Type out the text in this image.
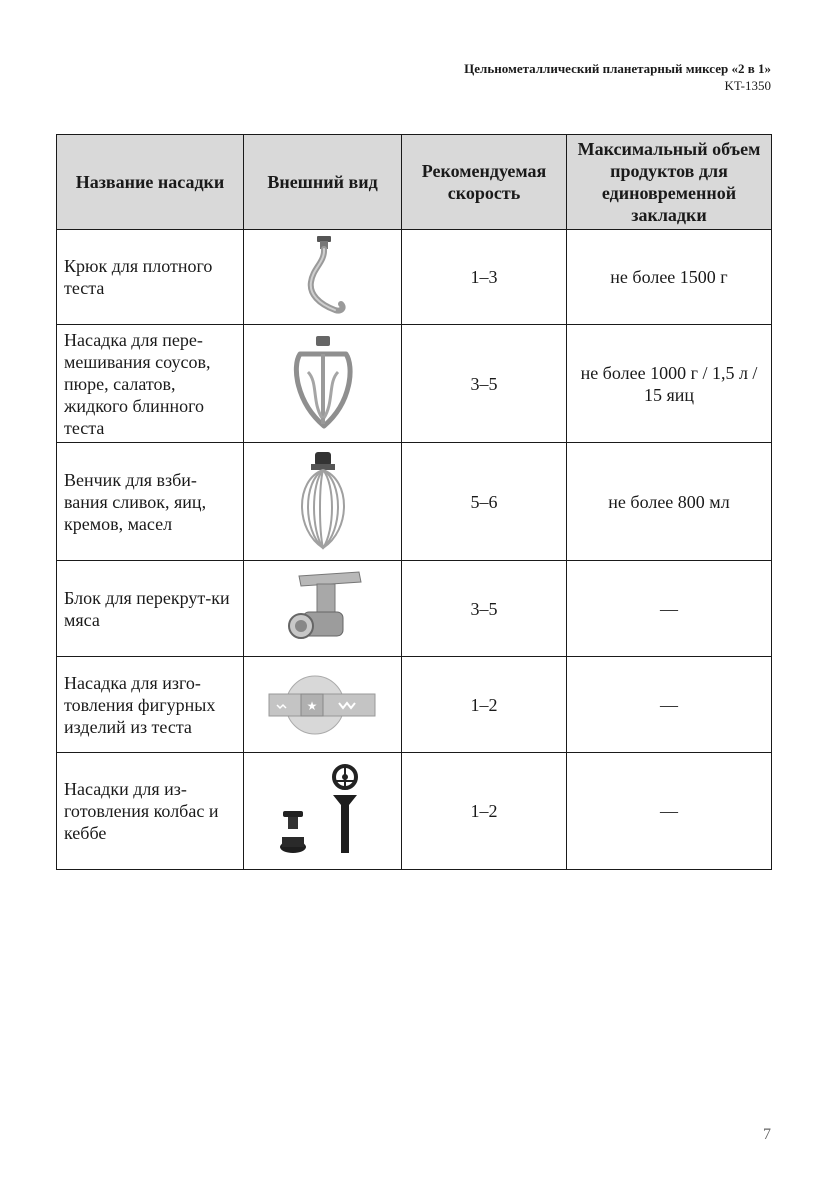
Цельнометаллический планетарный миксер «2 в 1»
KT-1350
Название насадки	Внешний вид	Рекомендуемая скорость	Максимальный объем продуктов для единовременной закладки
Крюк для плотного теста		1–3	не более 1500 г
Насадка для пере-мешивания соусов, пюре, салатов, жидкого блинного теста		3–5	не более 1000 г / 1,5 л / 15 яиц
Венчик для взби-вания сливок, яиц, кремов, масел		5–6	не более 800 мл
Блок для перекрут-ки мяса		3–5	—
Насадка для изго-товления фигурных изделий из теста	★	1–2	—
Насадки для из-готовления колбас и кеббе		1–2	—
7
